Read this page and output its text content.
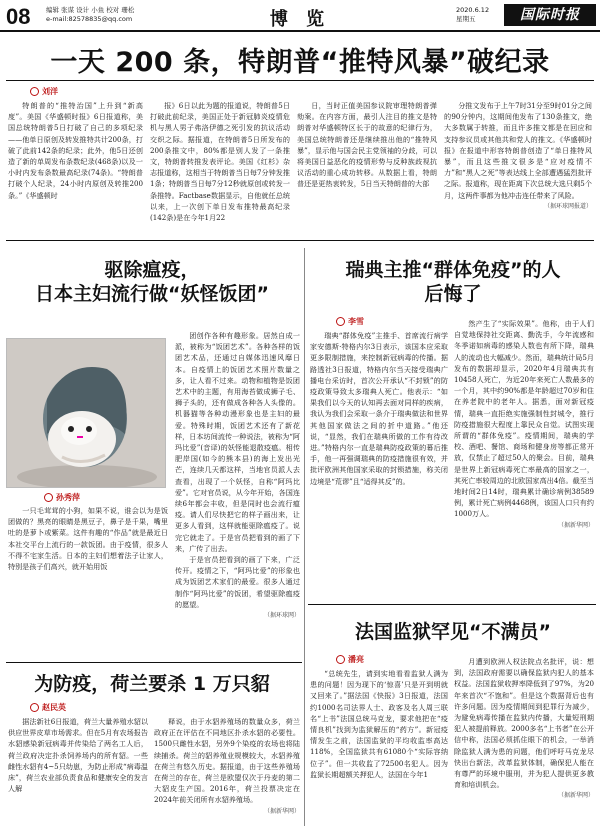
08 编辑 张谋 设计 小鱼 校对 珊松
e-mail:82578835@qq.com	博 览	2020.6.12
星期五	国际时报
一天 200 条，特朗普“推特风暴”破纪录
刘洋

特朗普的“推特治国”上升到“新高度”。美国《华盛顿时报》6日报道称，美国总统特朗普5日打破了自己的多项纪录——他单日原创及转发推特共计200条，打破了此前142条的纪录；此外，他5日还创造了新的单周发布条数纪录(468条)以及一小时内发布条数最高纪录(74条)。“特朗普打破个人纪录，24小时内原创及转推200条。”《华盛顿时

报》6日以此为题的报道说，特朗普5日打破此前纪录，美国正处于新冠肺炎疫情危机与黑人男子弗洛伊德之死引发的抗议活动交织之际。据报道，在特朗普5日所发布的200条推文中，80%都是别人发了一条推文，特朗普转推发表评论。美国《红杉》杂志报道称，这相当于特朗普当日每7分钟发推1条；特朗普当日每7分12秒就原创或转发一条推特。Factbase数据显示，自他就任总统以来，上一次创下单日发布推特最高纪录(142条)是在今年1月22

日，当时正值美国参议院审理特朗普弹劾案。在内容方面，最引人注目的推文是特朗普对华盛顿特区长于的故意的纪律行为，美国总统特朗普还是继续推出他的“推特风暴”，显示他与国会民主党领袖的分歧，可以将美国日益恶化的疫情形势与反种族歧视抗议活动的重心成功转移。从数据上看，特朗普还是更热衷转发，5日当天特朗普的大部

分推文发布于上午7时31分至9时01分之间的90分钟内，这期间他发布了130条推文，绝大多数属于转推，而且许多推文都是在回应和支持参议员或其他共和党人的推文。《华盛顿时报》在报道中形容特朗普创造了“单日推特风暴”，而且这些推文很多是“应对疫情不力”和“黑人之死”等表达线上全部遭遇猛烈批评之际。报道称，现在距离下次总统大选只剩5个月，这两件事都为他冲击连任带来了风险。

（据环球网报道）
驱除瘟疫，
日本主妇流行做“妖怪饭团”
孙秀萍

一只毛茸茸的小狗，如果不说，谁会以为是饭团做的？黑亮的眼睛是黑豆子，鼻子是千果，嘴里吐的是萝卜或紫菜。这件有趣的“作品”就是最近日本社交平台上流行的一款饭团。由于疫情，很多人不得不宅家生活。日本的主妇们想着法子让家人，特别是孩子们高兴，就开始用饭

团创作各种有趣形象。居然自成一派，被称为“饭团艺术”。各种各样的饭团艺术品，还通过自媒体迅速风靡日本。自疫情上的饭团艺术照片数量之多，让人看不过来。动物和植物是饭团艺术中的主题，有用海苔做成狮子毛、狮子头的，还有做成各种各人头像的。机器猫等各种动漫形象也是主妇的最爱。特殊时期，饭团艺术还有了新花样，日本坊间流传一种说法，被称为“阿玛比爱”(音译)的妖怪能退散疫瘟。相传肥岸国(如今的熊本县)的海上发出光芒，连续几天都这样，当地官员派人去查看，出现了一个妖怪，自称“阿玛比爱”。它对官员说，从今年开始，各国连续6年都会丰收，但是同时也会流行瘟疫。请人们尽快把它的样子画出来，让更多人看到，这样就能驱除瘟疫了。说完它就走了。于是官员把看到的画了下来，广传了出去。

于是官员把看到的画了下来，广泛传开。疫情之下，“阿玛比爱”的形象也成为饭团艺术家们的最爱。很多人通过制作“阿玛比爱”的饭团，希望驱除瘟疫的愿望。

（据环球网）
为防疫，荷兰要杀 1 万只貂
赵民英

据法新社6日报道，荷兰大量养殖水貂以供应世界皮草市场需求。但在5月有农场报告水貂感染新冠病毒并传染给了两名工人后，荷兰政府决定扑杀饲养场内的所有貂。一些雌性水貂有4~5只幼崽，为防止形成“病毒温床”，荷兰农业部负责食品和健康安全的发言人解

释说，由于水貂养殖场的数量众多，荷兰政府正在评估在不同地区扑杀水貂的必要性。1500只雌性水貂，另外9个染疫的农场也将陆续捕杀。荷兰的貂养殖业规模较大，水貂养殖在荷兰有悠久历史。据报道，由于这些养殖场在荷兰的存在，荷兰是欧盟仅次于丹麦的第二大貂皮生产国。2016年，荷兰投票决定在2024年前关闭所有水貂养殖场。

（据新华网）
瑞典主推“群体免疫”的人
后悔了
李雪

瑞典“群体免疫”主推手、首席流行病学家安德斯·特格内尔3日表示，该国本应采取更多限制措施，来控制新冠病毒的传播。据路透社3日报道，特格内尔当天接受瑞典广播电台采访时，首次公开承认“不封锁”的防疫政策导致太多瑞典人死亡。他表示：“如果我们以今天的认知再去面对同样的疾病，我认为我们会采取一条介于瑞典做法和世界其他国家做法之间的折中道路。”他还说，“显然，我们在瑞典所做的工作有待改进。”特格内尔一直是瑞典防疫政策的幕后推手，他一再强调瑞典的防疫措施很有效，并批评欧洲其他国家采取的封锁措施，称关闭边境是“荒谬”且“适得其反”的。

然产生了“实际效果”。他称，由于人们自觉地保持社交距离、勤洗手，今年流感和冬季诺如病毒的感染人数也有所下降，瑞典人的流动也大幅减少。然而，瑞典统计局5月发布的数据却显示，2020年4月瑞典共有10458人死亡，为近20年来死亡人数最多的一个月，其中约90%都是年龄超过70岁和住在养老院中的老年人。据悉，面对新冠疫情，瑞典一直拒绝实施强制性封城令，推行防疫措施很大程度上靠民众自觉。试图实现所谓的“群体免疫”。疫情期间，瑞典的学校、酒吧、餐馆、商场和健身房等都正常开放，仅禁止了超过50人的聚会。目前，瑞典是世界上新冠病毒死亡率最高的国家之一，其死亡率较周边的北欧国家高出4倍。截至当地时间2日14时，瑞典累计确诊病例38589例，累计死亡病例4468例，该国人口只有约1000万人。

（据新华网）
法国监狱罕见“不满员”
潘亮

“总统先生，请到实地看看监狱人满为患的问题！因为现下的‘惊喜’只是开到明就又回来了。”据法国《快报》3日报道，法国约1000名司法界人士、政客及名人周三联名“上书”法国总统马克龙，要求他把在“疫情良机”找到为监狱解压的“药方”。新冠疫情发生之前，法国监狱的平均收监率高达118%，全国监狱共有61080个“实际容纳位子”。但一共收监了72500名犯人。因为监狱长期超额关押犯人，法国在今年1

月遭到欧洲人权法院点名批评，说：想到，法国政府需要以确保监狱内犯人的基本权益。法国监狱收押率降低到了97%，为20年来首次“不饱和”。但是这个数据背后也有许多问题。因为疫情期间到犯罪行为减少，为避免病毒传播在监狱内传播，大量短刑期犯人被提前释放。2000多名“上书者”在公开信中称，法国必须抓住眼下的机会，一举消除监狱人满为患的问题，他们呼吁马克龙尽快出台新法，改革监狱体制，确保犯人能在有尊严的环境中服刑，并为犯人提供更多教育和培训机会。

（据新华网）
